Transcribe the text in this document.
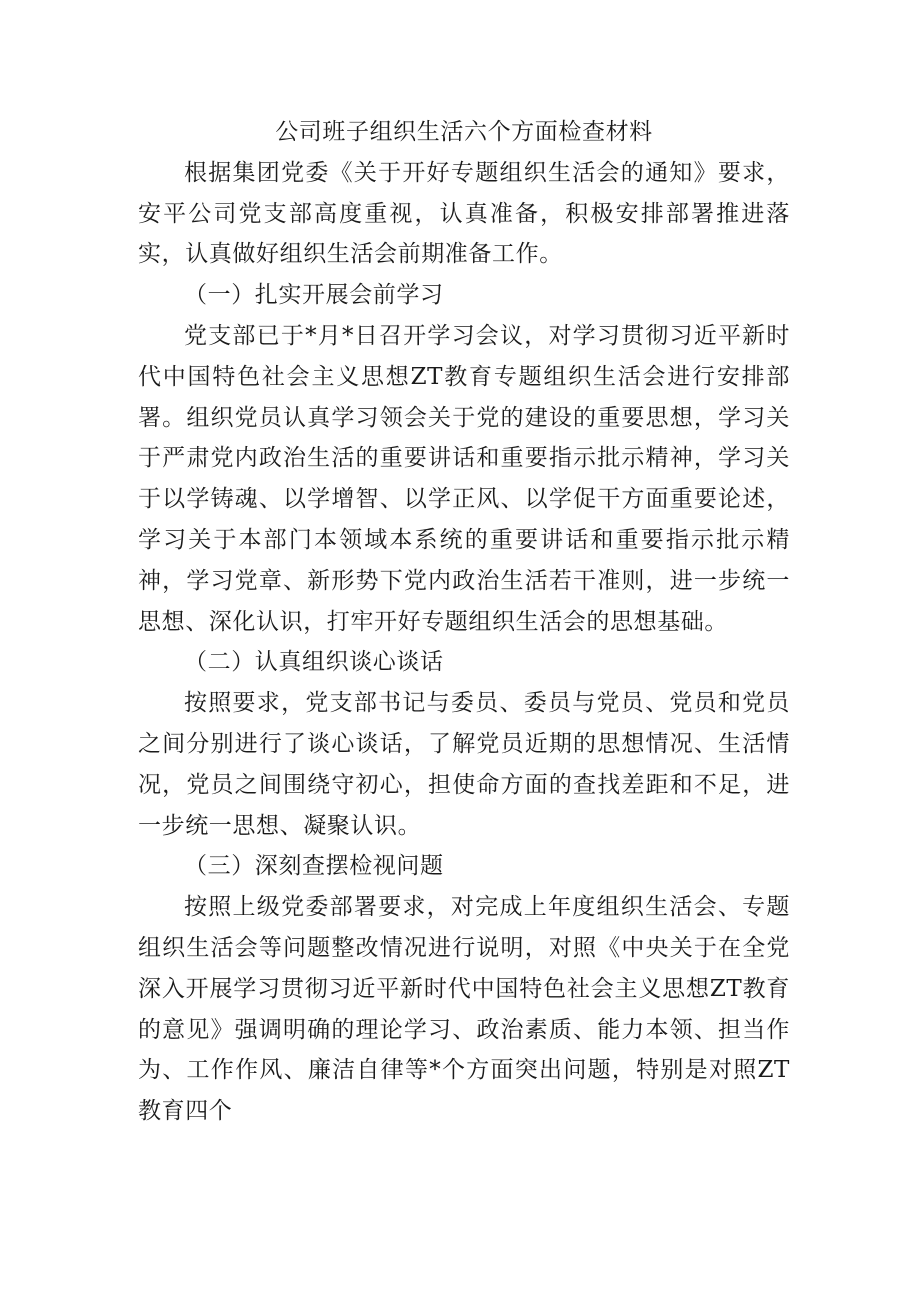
公司班子组织生活六个方面检查材料

根据集团党委《关于开好专题组织生活会的通知》要求，安平公司党支部高度重视，认真准备，积极安排部署推进落实，认真做好组织生活会前期准备工作。

（一）扎实开展会前学习

党支部已于*月*日召开学习会议，对学习贯彻习近平新时代中国特色社会主义思想ZT教育专题组织生活会进行安排部署。组织党员认真学习领会关于党的建设的重要思想，学习关于严肃党内政治生活的重要讲话和重要指示批示精神，学习关于以学铸魂、以学增智、以学正风、以学促干方面重要论述，学习关于本部门本领域本系统的重要讲话和重要指示批示精神，学习党章、新形势下党内政治生活若干准则，进一步统一思想、深化认识，打牢开好专题组织生活会的思想基础。

（二）认真组织谈心谈话

按照要求，党支部书记与委员、委员与党员、党员和党员之间分别进行了谈心谈话，了解党员近期的思想情况、生活情况，党员之间围绕守初心，担使命方面的查找差距和不足，进一步统一思想、凝聚认识。

（三）深刻查摆检视问题

按照上级党委部署要求，对完成上年度组织生活会、专题组织生活会等问题整改情况进行说明，对照《中央关于在全党深入开展学习贯彻习近平新时代中国特色社会主义思想ZT教育的意见》强调明确的理论学习、政治素质、能力本领、担当作为、工作作风、廉洁自律等*个方面突出问题，特别是对照ZT教育四个
